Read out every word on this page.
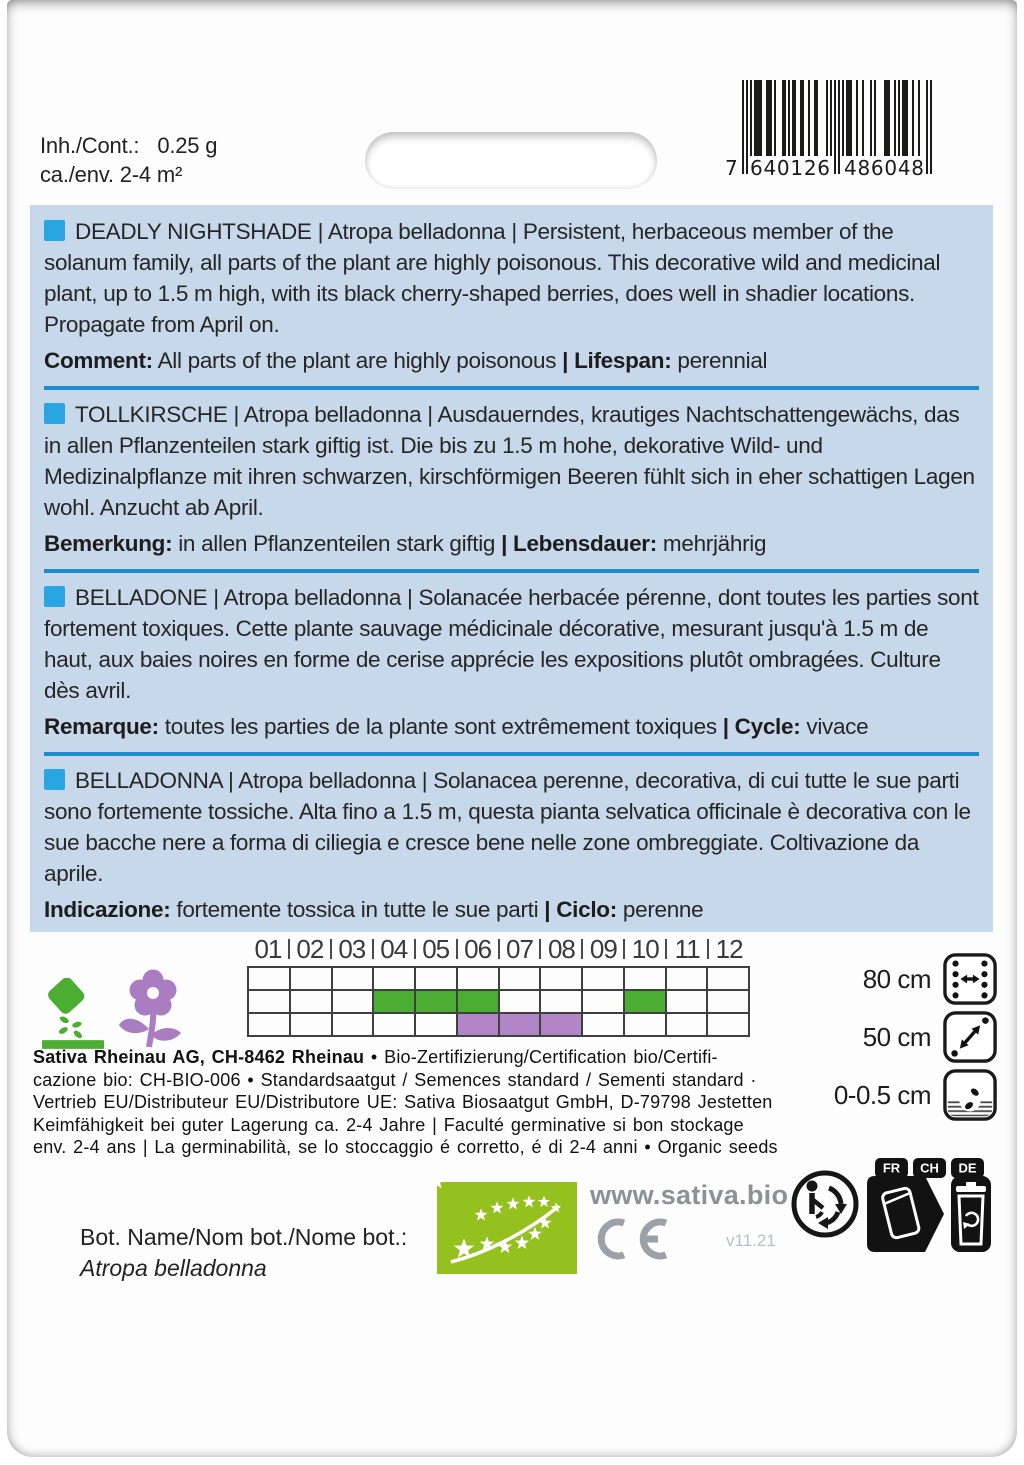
Inh./Cont.: 0.25 g
ca./env. 2-4 m²	7 6 4 0 1 2 6 4 8 6 0 4 8

DEADLY NIGHTSHADE | Atropa belladonna | Persistent, herbaceous member of the solanum family, all parts of the plant are highly poisonous. This decorative wild and medicinal plant, up to 1.5 m high, with its black cherry-shaped berries, does well in shadier locations. Propagate from April on.

Comment: All parts of the plant are highly poisonous | Lifespan: perennial

TOLLKIRSCHE | Atropa belladonna | Ausdauerndes, krautiges Nachtschattengewächs, das in allen Pflanzenteilen stark giftig ist. Die bis zu 1.5 m hohe, dekorative Wild- und Medizinalpflanze mit ihren schwarzen, kirschförmigen Beeren fühlt sich in eher schattigen Lagen wohl. Anzucht ab April.

Bemerkung: in allen Pflanzenteilen stark giftig | Lebensdauer: mehrjährig

BELLADONE | Atropa belladonna | Solanacée herbacée pérenne, dont toutes les parties sont fortement toxiques. Cette plante sauvage médicinale décorative, mesurant jusqu'à 1.5 m de haut, aux baies noires en forme de cerise apprécie les expositions plutôt ombragées. Culture dès avril.

Remarque: toutes les parties de la plante sont extrêmement toxiques | Cycle: vivace

BELLADONNA | Atropa belladonna | Solanacea perenne, decorativa, di cui tutte le sue parti sono fortemente tossiche. Alta fino a 1.5 m, questa pianta selvatica officinale è decorativa con le sue bacche nere a forma di ciliegia e cresce bene nelle zone ombreggiate. Coltivazione da aprile.

Indicazione: fortemente tossica in tutte le sue parti | Ciclo: perenne

01 02 03 04 05 06 07 08 09 10 11 12

80 cm
50 cm
0-0.5 cm
Sativa Rheinau AG, CH-8462 Rheinau • Bio-Zertifizierung/Certification bio/Certifi-
cazione bio: CH-BIO-006 • Standardsaatgut / Semences standard / Sementi standard ·
Vertrieb EU/Distributeur EU/Distributore UE: Sativa Biosaatgut GmbH, D-79798 Jestetten
Keimfähigkeit bei guter Lagerung ca. 2-4 Jahre | Faculté germinative si bon stockage
env. 2-4 ans | La germinabilità, se lo stoccaggio é corretto, é di 2-4 anni • Organic seeds
Bot. Name/Nom bot./Nome bot.:
Atropa belladonna
www.sativa.bio
v11.21
FR CH DE
